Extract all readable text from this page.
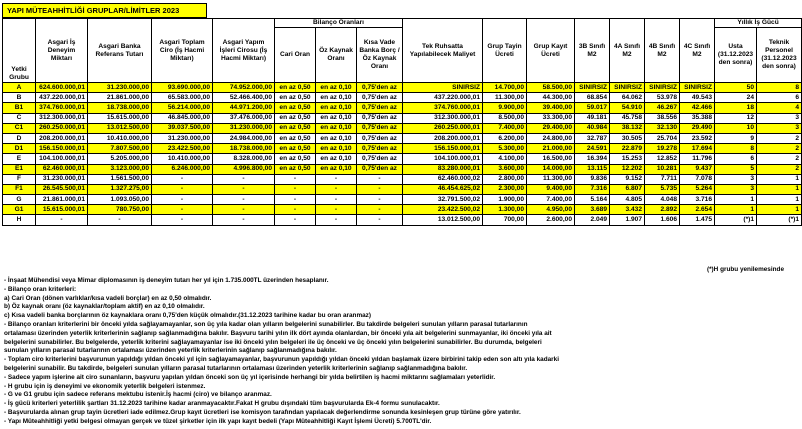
YAPI MÜTEAHHİTLİĞİ GRUPLAR/LİMİTLER 2023
Yetki Grubu	Asgari İş Deneyim Miktarı	Asgari Banka Referans Tutarı	Asgari Toplam Ciro (İş Hacmi Miktarı)	Asgari Yapım İşleri Cirosu (İş Hacmi Miktarı)	Bilanço Oranları			Tek Ruhsatta Yapılabilecek Maliyet	Grup Tayin Ücreti	Grup Kayıt Ücreti	3B Sınıfı M2	4A Sınıfı M2	4B Sınıfı M2	4C Sınıfı M2	Yıllık İş Gücü	
					Cari Oran	Öz Kaynak Oranı	Kısa Vade Banka Borç /Öz Kaynak Oranı								Usta (31.12.2023 den sonra)	Teknik Personel (31.12.2023 den sonra)
A	624.600.000,01	31.230.000,00	93.690.000,00	74.952.000,00	en az 0,50	en az 0,10	0,75'den az	SINIRSIZ	14.700,00	58.500,00	SINIRSIZ	SINIRSIZ	SINIRSIZ	SINIRSIZ	50	8
B	437.220.000,01	21.861.000,00	65.583.000,00	52.466.400,00	en az 0,50	en az 0,10	0,75'den az	437.220.000,01	11.300,00	44.300,00	68.854	64.062	53.978	49.543	24	6
B1	374.760.000,01	18.738.000,00	56.214.000,00	44.971.200,00	en az 0,50	en az 0,10	0,75'den az	374.760.000,01	9.900,00	39.400,00	59.017	54.910	46.267	42.466	18	4
C	312.300.000,01	15.615.000,00	46.845.000,00	37.476.000,00	en az 0,50	en az 0,10	0,75'den az	312.300.000,01	8.500,00	33.300,00	49.181	45.758	38.556	35.388	12	3
C1	260.250.000,01	13.012.500,00	39.037.500,00	31.230.000,00	en az 0,50	en az 0,10	0,75'den az	260.250.000,01	7.400,00	29.400,00	40.984	38.132	32.130	29.490	10	3
D	208.200.000,01	10.410.000,00	31.230.000,00	24.984.000,00	en az 0,50	en az 0,10	0,75'den az	208.200.000,01	6.200,00	24.800,00	32.787	30.505	25.704	23.592	9	2
D1	156.150.000,01	7.807.500,00	23.422.500,00	18.738.000,00	en az 0,50	en az 0,10	0,75'den az	156.150.000,01	5.300,00	21.000,00	24.591	22.879	19.278	17.694	8	2
E	104.100.000,01	5.205.000,00	10.410.000,00	8.328.000,00	en az 0,50	en az 0,10	0,75'den az	104.100.000,01	4.100,00	16.500,00	16.394	15.253	12.852	11.796	6	2
E1	62.460.000,01	3.123.000,00	6.246.000,00	4.996.800,00	en az 0,50	en az 0,10	0,75'den az	83.280.000,01	3.600,00	14.000,00	13.115	12.202	10.281	9.437	5	2
F	31.230.000,01	1.561.500,00	-	-	-	-	-	62.460.000,02	2.800,00	11.300,00	9.836	9.152	7.711	7.078	3	1
F1	26.545.500,01	1.327.275,00	-	-	-	-	-	46.454.625,02	2.300,00	9.400,00	7.316	6.807	5.735	5.264	3	1
G	21.861.000,01	1.093.050,00	-	-	-	-	-	32.791.500,02	1.900,00	7.400,00	5.164	4.805	4.048	3.716	1	1
G1	15.615.000,01	780.750,00	-	-	-	-	-	23.422.500,02	1.300,00	4.950,00	3.689	3.432	2.892	2.654	1	1
H	-	-	-	-	-	-	-	13.012.500,00	700,00	2.600,00	2.049	1.907	1.606	1.475	(*)1	(*)1
(*)H grubu yenilemesinde
- İnşaat Mühendisi veya Mimar diplomasının iş deneyim tutarı her yıl için 1.735.000TL üzerinden hesaplanır.
- Bilanço oran kriterleri:
a) Cari Oran (dönen varlıklar/kısa vadeli borçlar) en az 0,50 olmalıdır.
b) Öz kaynak oranı (öz kaynaklar/toplam aktif) en az 0,10 olmalıdır.
c) Kısa vadeli banka borçlarının öz kaynaklara oranı 0,75'den küçük olmalıdır.(31.12.2023 tarihine kadar bu oran aranmaz)
- Bilanço oranları kriterlerini bir önceki yılda sağlayamayanlar, son üç yıla kadar olan yılların belgelerini sunabilirler. Bu takdirde belgeleri sunulan yılların parasal tutarlarının
ortalaması üzerinden yeterlik kriterlerinin sağlanıp sağlanmadığına bakılır. Başvuru tarihi yılın ilk dört ayında olanlardan, bir önceki yıla ait belgelerini sunmayanlar, iki önceki yıla ait
belgelerini sunabilirler. Bu belgelerde, yeterlik kriterini sağlayamayanlar ise iki önceki yılın belgeleri ile üç önceki ve üç önceki yılın belgelerini sunabilirler. Bu durumda, belgeleri
sunulan yılların parasal tutarlarının ortalaması üzerinden yeterlik kriterlerinin sağlanıp sağlanmadığına bakılır.
- Toplam ciro kriterlerini başvurunun yapıldığı yıldan önceki yıl için sağlayamayanlar, başvurunun yapıldığı yıldan önceki yıldan başlamak üzere birbirini takip eden son altı yıla kadarki
belgelerini sunabilir. Bu takdirde, belgeleri sunulan yılların parasal tutarlarının ortalaması üzerinden yeterlik kriterlerinin sağlanıp sağlanmadığına bakılır.
- Sadece yapım işlerine ait ciro sunanların, başvuru yapılan yıldan önceki son üç yıl içerisinde herhangi bir yılda belirtilen iş hacmi miktarını sağlamaları yeterlidir.
- H grubu için iş deneyimi ve ekonomik yeterlik belgeleri istenmez.
- G ve G1 grubu için sadece referans mektubu istenir.İş hacmi (ciro) ve bilanço aranmaz.
- İş gücü kriterleri yeterlilik şartları 31.12.2023 tarihine kadar aranmayacaktır.Fakat H grubu dışındaki tüm başvurularda Ek-4 formu sunulacaktır.
- Başvurularda alınan grup tayin ücretleri iade edilmez.Grup kayıt ücretleri ise komisyon tarafından yapılacak değerlendirme sonunda kesinleşen grup türüne göre yatırılır.
- Yapı Müteahhitliği yetki belgesi olmayan gerçek ve tüzel şirketler için ilk yapı kayıt bedeli (Yapı Müteahhitliği Kayıt İşlemi Ücreti) 5.700TL'dir.
